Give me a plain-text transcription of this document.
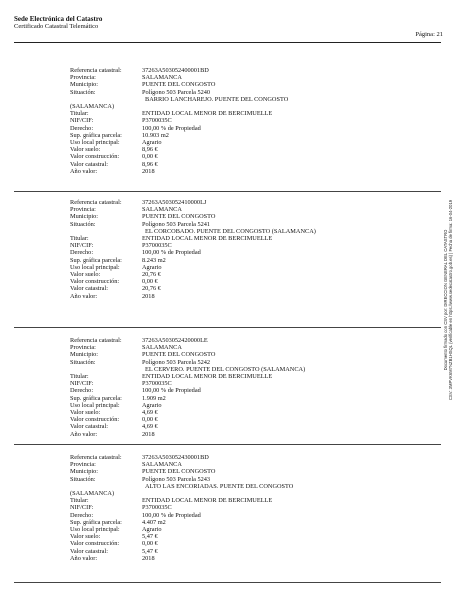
Sede Electrónica del Catastro
Certificado Catastral Telemático
Página: 21
Referencia catastral:	37263A503052400001BD
Provincia:	SALAMANCA
Municipio:	PUENTE DEL CONGOSTO
Situación:	Polígono 503 Parcela 5240
BARRIO LANCHAREJO. PUENTE DEL CONGOSTO
(SALAMANCA)
Titular:	ENTIDAD LOCAL MENOR DE BERCIMUELLE
NIF/CIF:	P3700035C
Derecho:	100,00 % de Propiedad
Sup. gráfica parcela:	10.903 m2
Uso local principal:	Agrario
Valor suelo:	8,96 €
Valor construcción:	0,00 €
Valor catastral:	8,96 €
Año valor:	2018
Referencia catastral:	37263A503052410000LJ
Provincia:	SALAMANCA
Municipio:	PUENTE DEL CONGOSTO
Situación:	Polígono 503 Parcela 5241
EL CORCOBADO. PUENTE DEL CONGOSTO (SALAMANCA)
Titular:	ENTIDAD LOCAL MENOR DE BERCIMUELLE
NIF/CIF:	P3700035C
Derecho:	100,00 % de Propiedad
Sup. gráfica parcela:	8.243 m2
Uso local principal:	Agrario
Valor suelo:	20,76 €
Valor construcción:	0,00 €
Valor catastral:	20,76 €
Año valor:	2018
Referencia catastral:	37263A503052420000LE
Provincia:	SALAMANCA
Municipio:	PUENTE DEL CONGOSTO
Situación:	Polígono 503 Parcela 5242
EL CERVERO. PUENTE DEL CONGOSTO (SALAMANCA)
Titular:	ENTIDAD LOCAL MENOR DE BERCIMUELLE
NIF/CIF:	P3700035C
Derecho:	100,00 % de Propiedad
Sup. gráfica parcela:	1.909 m2
Uso local principal:	Agrario
Valor suelo:	4,69 €
Valor construcción:	0,00 €
Valor catastral:	4,69 €
Año valor:	2018
Referencia catastral:	37263A503052430001BD
Provincia:	SALAMANCA
Municipio:	PUENTE DEL CONGOSTO
Situación:	Polígono 503 Parcela 5243
ALTO LAS ENCORIADAS. PUENTE DEL CONGOSTO
(SALAMANCA)
Titular:	ENTIDAD LOCAL MENOR DE BERCIMUELLE
NIF/CIF:	P3700035C
Derecho:	100,00 % de Propiedad
Sup. gráfica parcela:	4.407 m2
Uso local principal:	Agrario
Valor suelo:	5,47 €
Valor construcción:	0,00 €
Valor catastral:	5,47 €
Año valor:	2018
Documento firmado con CSV por: DIRECCION GENERAL DEL CATASTRO CSV: 3MPVK6M7NZB1HSQL (verificable en https://www.sedecatastro.gob.es) | Fecha de firma: 16-04-2019
